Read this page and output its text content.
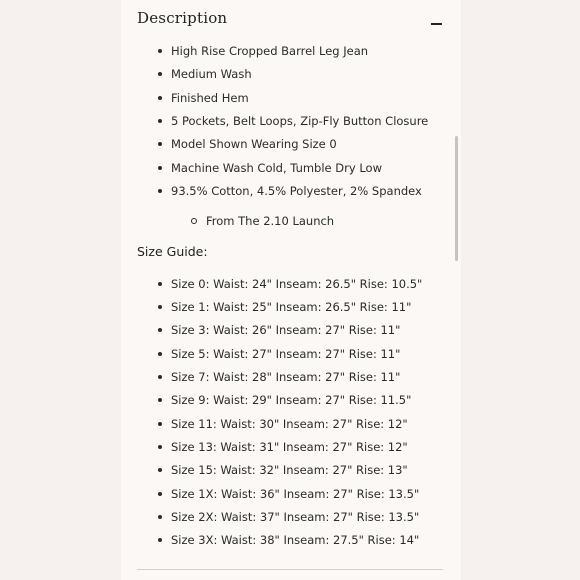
Description
High Rise Cropped Barrel Leg Jean
Medium Wash
Finished Hem
5 Pockets, Belt Loops, Zip-Fly Button Closure
Model Shown Wearing Size 0
Machine Wash Cold, Tumble Dry Low
93.5% Cotton, 4.5% Polyester, 2% Spandex
From The 2.10 Launch
Size Guide:
Size 0: Waist: 24" Inseam: 26.5" Rise: 10.5"
Size 1: Waist: 25" Inseam: 26.5" Rise: 11"
Size 3: Waist: 26" Inseam: 27" Rise: 11"
Size 5: Waist: 27" Inseam: 27" Rise: 11"
Size 7: Waist: 28" Inseam: 27" Rise: 11"
Size 9: Waist: 29" Inseam: 27" Rise: 11.5"
Size 11: Waist: 30" Inseam: 27" Rise: 12"
Size 13: Waist: 31" Inseam: 27" Rise: 12"
Size 15: Waist: 32" Inseam: 27" Rise: 13"
Size 1X: Waist: 36" Inseam: 27" Rise: 13.5"
Size 2X: Waist: 37" Inseam: 27" Rise: 13.5"
Size 3X: Waist: 38" Inseam: 27.5" Rise: 14"
